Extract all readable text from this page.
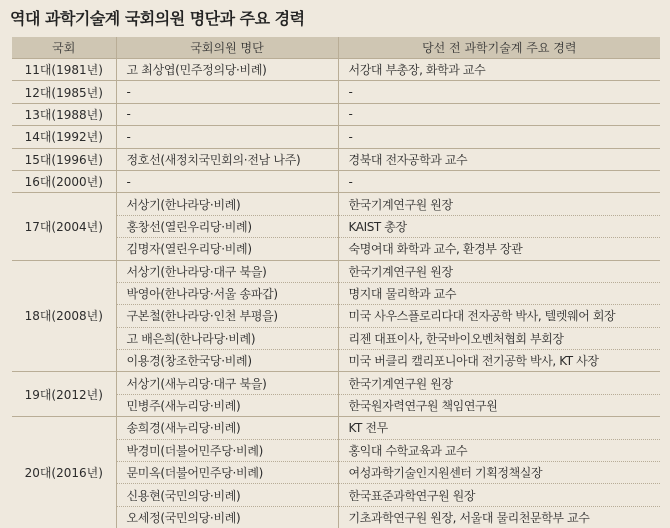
역대 과학기술계 국회의원 명단과 주요 경력
국회	국회의원 명단	당선 전 과학기술계 주요 경력
11대(1981년)	고 최상엽(민주정의당·비례)	서강대 부총장, 화학과 교수
12대(1985년)	-	-
13대(1988년)	-	-
14대(1992년)	-	-
15대(1996년)	정호선(새정치국민회의·전남 나주)	경북대 전자공학과 교수
16대(2000년)	-	-
17대(2004년)	서상기(한나라당·비례)	한국기계연구원 원장
	홍창선(열린우리당·비례)	KAIST 총장
	김명자(열린우리당·비례)	숙명여대 화학과 교수, 환경부 장관
18대(2008년)	서상기(한나라당·대구 북을)	한국기계연구원 원장
	박영아(한나라당·서울 송파갑)	명지대 물리학과 교수
	구본철(한나라당·인천 부평을)	미국 사우스플로리다대 전자공학 박사, 텔렛웨어 회장
	고 배은희(한나라당·비례)	리젠 대표이사, 한국바이오벤처협회 부회장
	이용경(창조한국당·비례)	미국 버클리 캘리포니아대 전기공학 박사, KT 사장
19대(2012년)	서상기(새누리당·대구 북을)	한국기계연구원 원장
	민병주(새누리당·비례)	한국원자력연구원 책임연구원
20대(2016년)	송희경(새누리당·비례)	KT 전무
	박경미(더불어민주당·비례)	홍익대 수학교육과 교수
	문미옥(더불어민주당·비례)	여성과학기술인지원센터 기획정책실장
	신용현(국민의당·비례)	한국표준과학연구원 원장
	오세정(국민의당·비례)	기초과학연구원 원장, 서울대 물리천문학부 교수
